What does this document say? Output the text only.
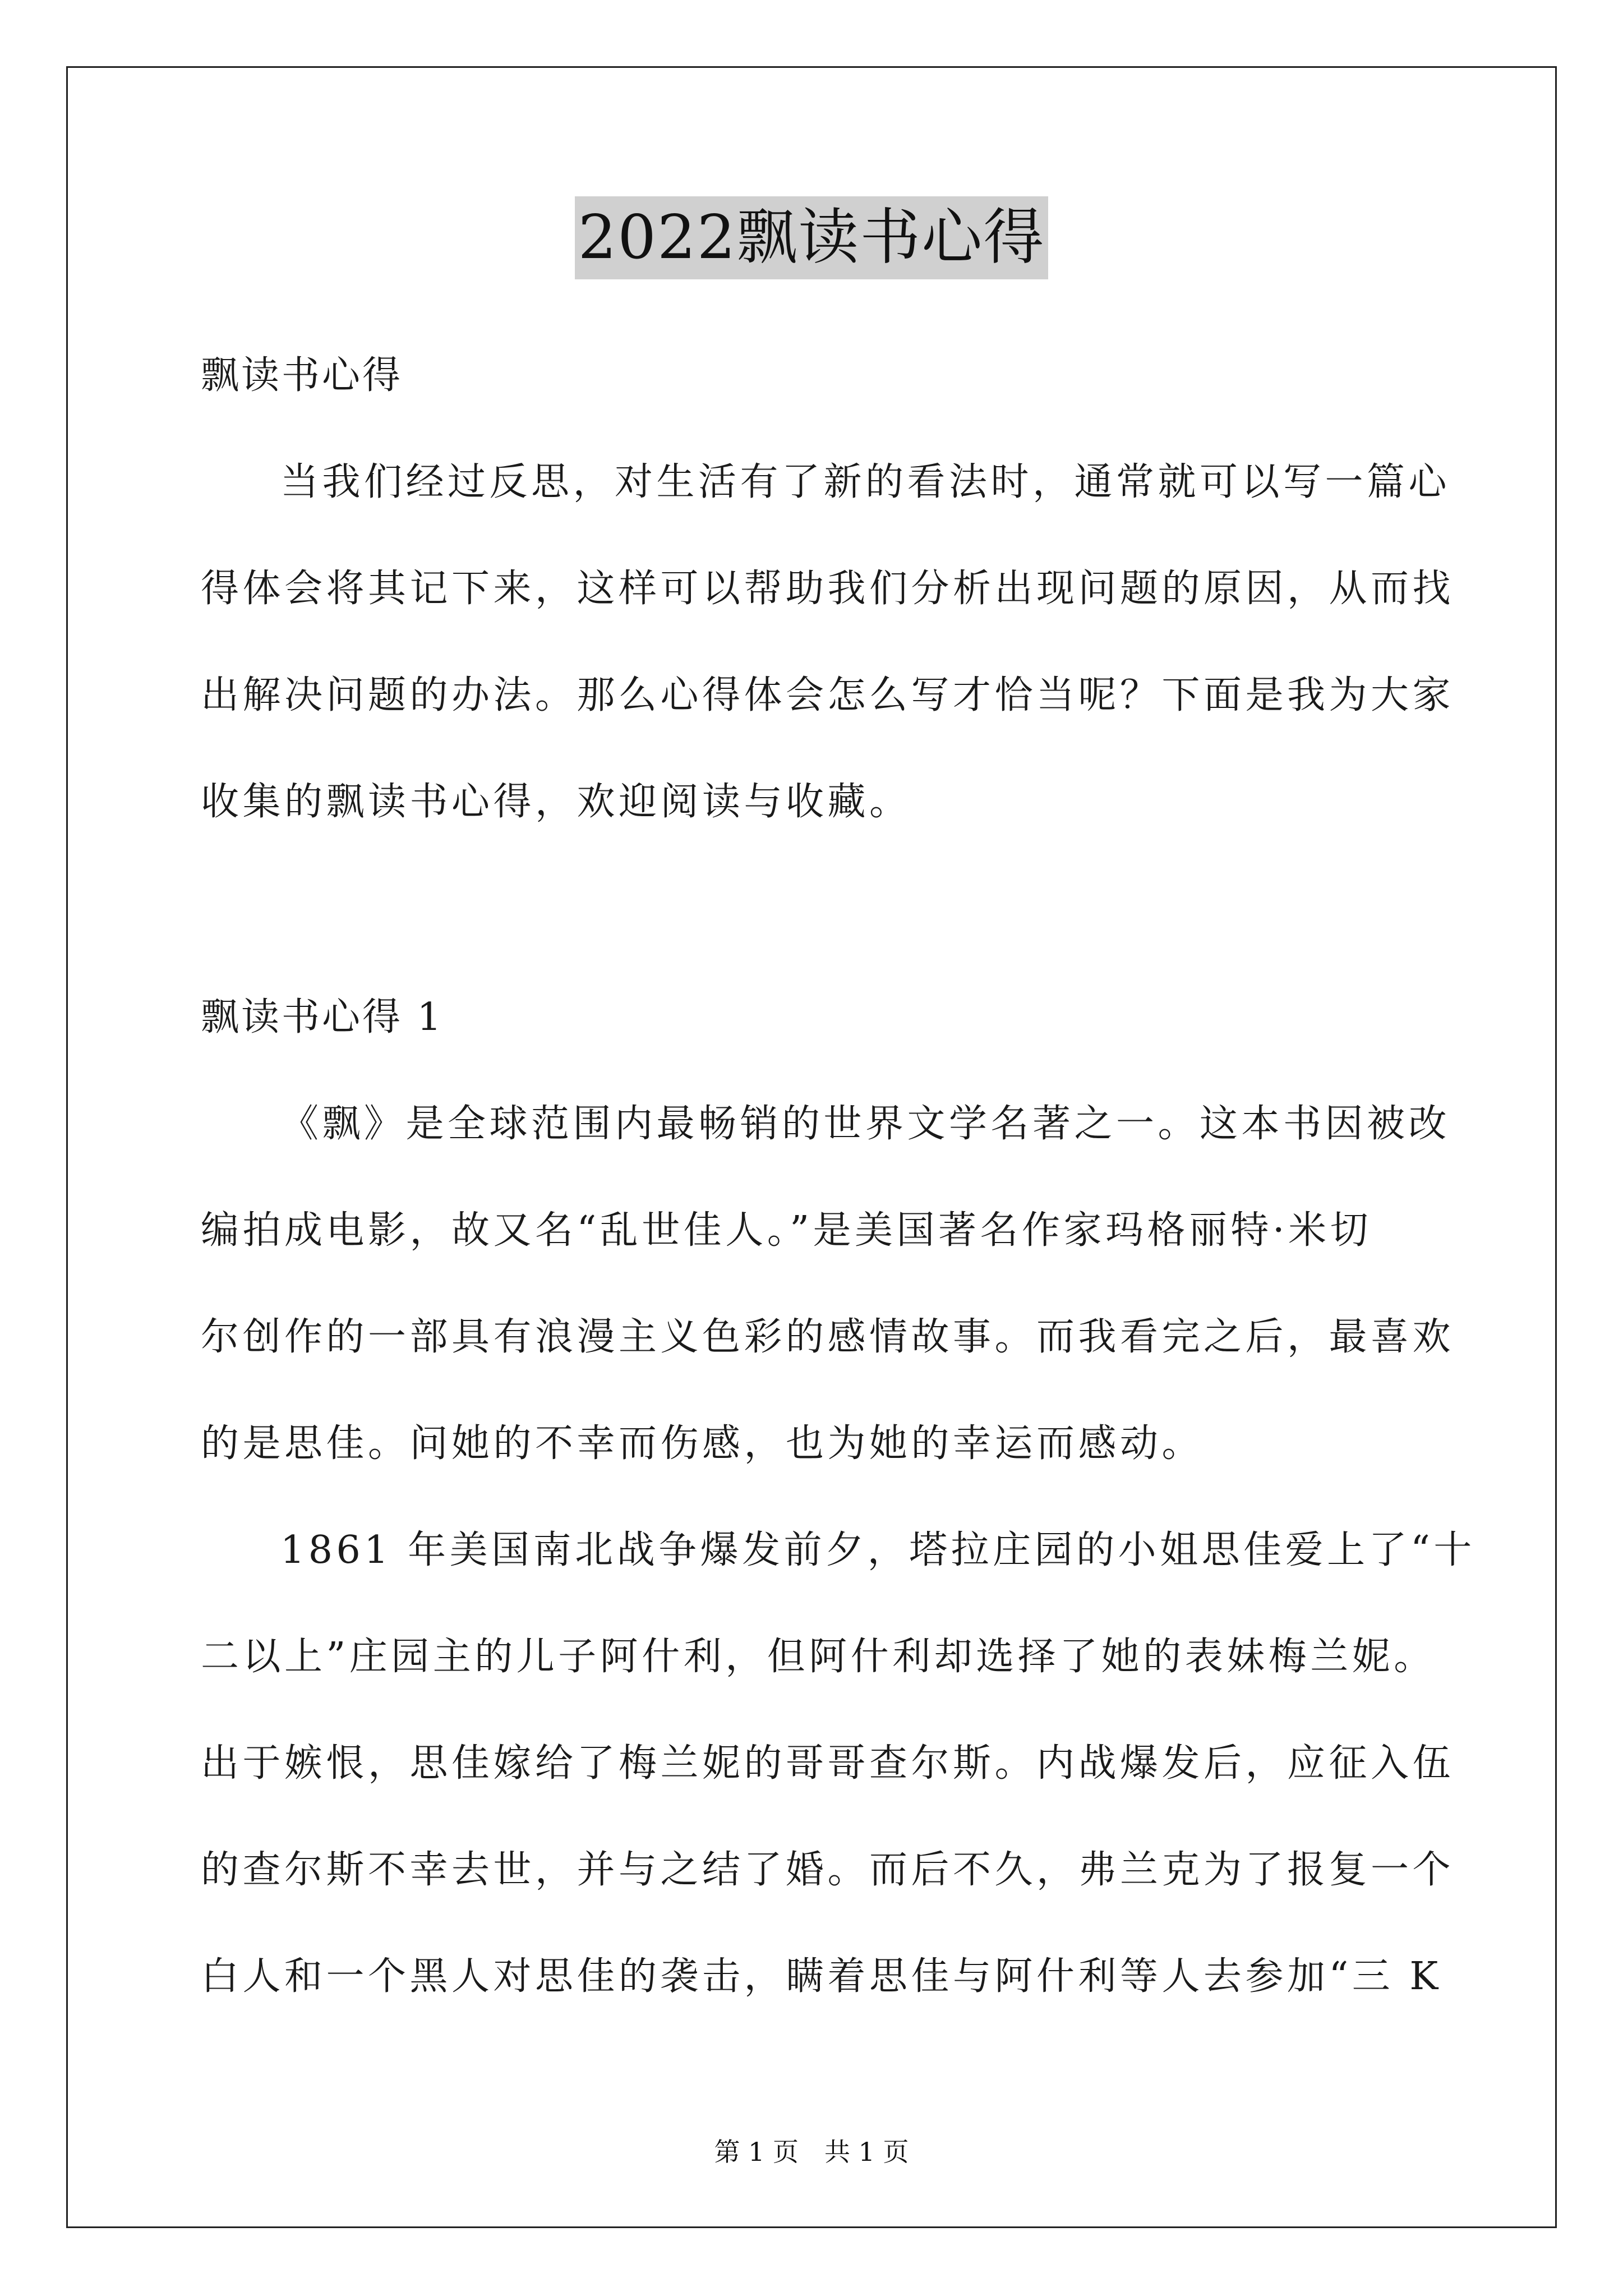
2022飘读书心得
飘读书心得
当我们经过反思，对生活有了新的看法时，通常就可以写一篇心
得体会将其记下来，这样可以帮助我们分析出现问题的原因，从而找
出解决问题的办法。那么心得体会怎么写才恰当呢？下面是我为大家
收集的飘读书心得，欢迎阅读与收藏。
飘读书心得 1
《飘》是全球范围内最畅销的世界文学名著之一。这本书因被改
编拍成电影，故又名“乱世佳人。”是美国著名作家玛格丽特·米切
尔创作的一部具有浪漫主义色彩的感情故事。而我看完之后，最喜欢
的是思佳。问她的不幸而伤感，也为她的幸运而感动。
1861 年美国南北战争爆发前夕，塔拉庄园的小姐思佳爱上了“十
二以上”庄园主的儿子阿什利，但阿什利却选择了她的表妹梅兰妮。
出于嫉恨，思佳嫁给了梅兰妮的哥哥查尔斯。内战爆发后，应征入伍
的查尔斯不幸去世，并与之结了婚。而后不久，弗兰克为了报复一个
白人和一个黑人对思佳的袭击，瞒着思佳与阿什利等人去参加“三 K
第 1 页 共 1 页
